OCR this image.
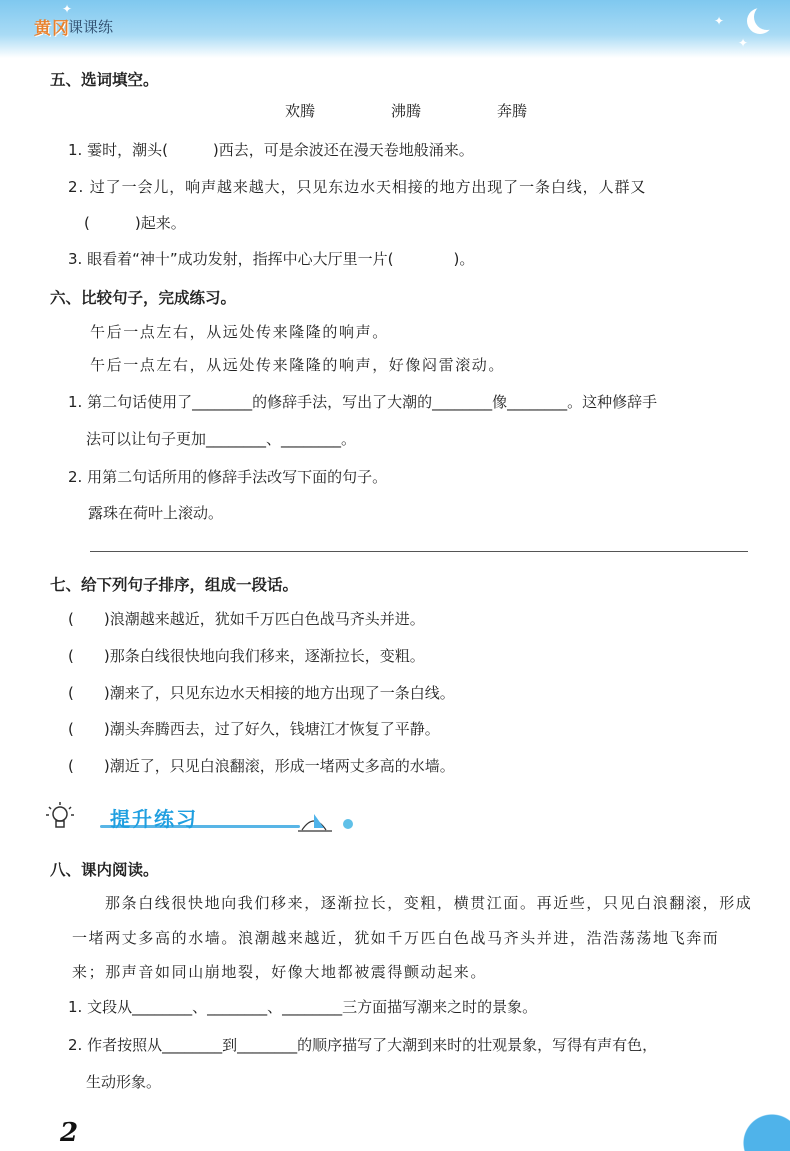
黄冈
课课练
✦
✦
✦
五、选词填空。
欢腾	沸腾	奔腾
1. 霎时，潮头(　　　)西去，可是余波还在漫天卷地般涌来。
2. 过了一会儿，响声越来越大，只见东边水天相接的地方出现了一条白线，人群又
(　　　)起来。
3. 眼看着“神十”成功发射，指挥中心大厅里一片(　　　　)。
六、比较句子，完成练习。
午后一点左右，从远处传来隆隆的响声。
午后一点左右，从远处传来隆隆的响声，好像闷雷滚动。
1. 第二句话使用了________的修辞手法，写出了大潮的________像________。这种修辞手
法可以让句子更加________、________。
2. 用第二句话所用的修辞手法改写下面的句子。
露珠在荷叶上滚动。
七、给下列句子排序，组成一段话。
(　　)浪潮越来越近，犹如千万匹白色战马齐头并进。
(　　)那条白线很快地向我们移来，逐渐拉长，变粗。
(　　)潮来了，只见东边水天相接的地方出现了一条白线。
(　　)潮头奔腾西去，过了好久，钱塘江才恢复了平静。
(　　)潮近了，只见白浪翻滚，形成一堵两丈多高的水墙。
提升练习
八、课内阅读。
那条白线很快地向我们移来，逐渐拉长，变粗，横贯江面。再近些，只见白浪翻滚，形成
一堵两丈多高的水墙。浪潮越来越近，犹如千万匹白色战马齐头并进，浩浩荡荡地飞奔而
来；那声音如同山崩地裂，好像大地都被震得颤动起来。
1. 文段从________、________、________三方面描写潮来之时的景象。
2. 作者按照从________到________的顺序描写了大潮到来时的壮观景象，写得有声有色，
生动形象。
2
